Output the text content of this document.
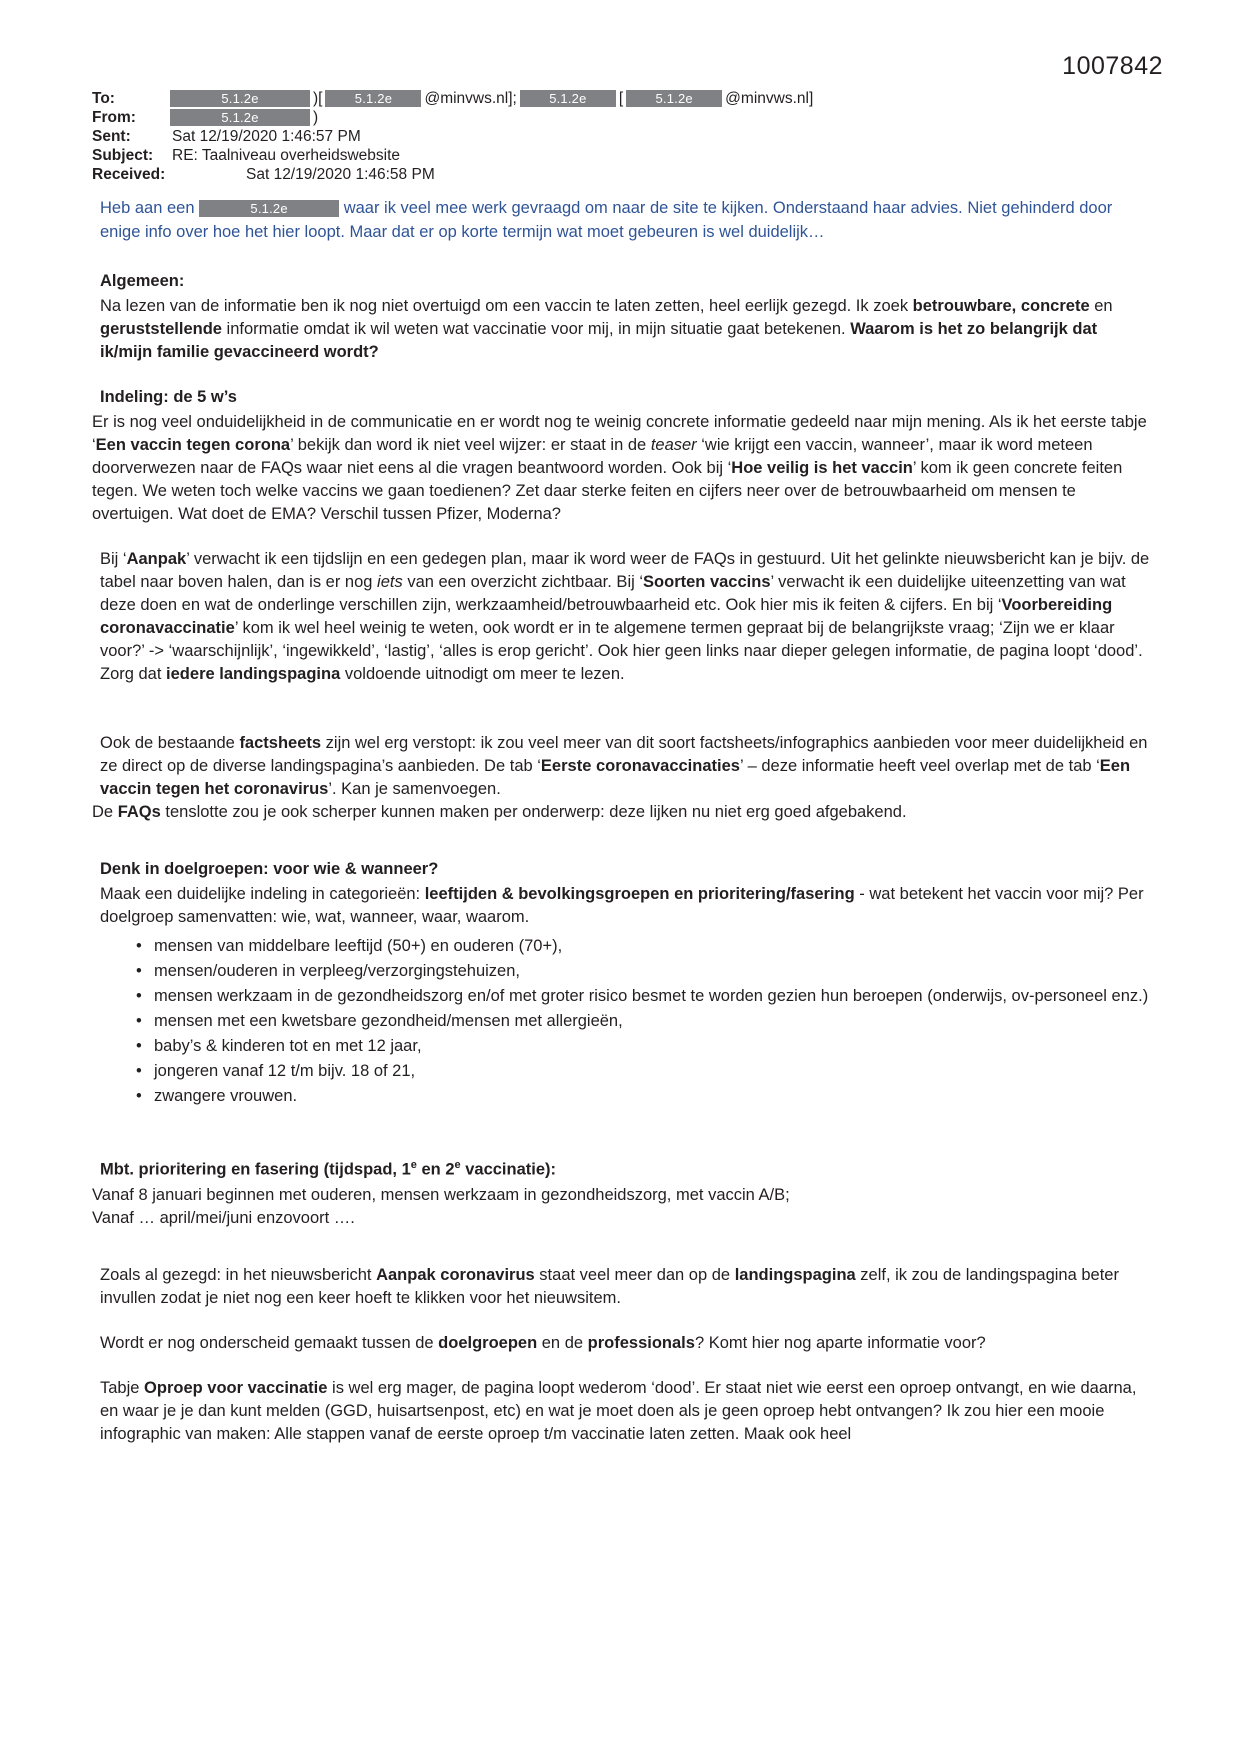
1007842
To:	5.1.2e	)[	5.1.2e	@minvws.nl];	5.1.2e	[	5.1.2e	@minvws.nl]
From:	5.1.2e	)
Sent:	Sat 12/19/2020 1:46:57 PM
Subject:	RE: Taalniveau overheidswebsite
Received:	Sat 12/19/2020 1:46:58 PM

Heb aan een	5.1.2e	waar ik veel mee werk gevraagd om naar de site te kijken. Onderstaand haar advies. Niet gehinderd door enige info over hoe het hier loopt. Maar dat er op korte termijn wat moet gebeuren is wel duidelijk…

Algemeen:

Na lezen van de informatie ben ik nog niet overtuigd om een vaccin te laten zetten, heel eerlijk gezegd. Ik zoek betrouwbare, concrete en geruststellende informatie omdat ik wil weten wat vaccinatie voor mij, in mijn situatie gaat betekenen. Waarom is het zo belangrijk dat ik/mijn familie gevaccineerd wordt?

Indeling: de 5 w’s

Er is nog veel onduidelijkheid in de communicatie en er wordt nog te weinig concrete informatie gedeeld naar mijn mening. Als ik het eerste tabje ‘Een vaccin tegen corona’ bekijk dan word ik niet veel wijzer: er staat in de teaser ‘wie krijgt een vaccin, wanneer’, maar ik word meteen doorverwezen naar de FAQs waar niet eens al die vragen beantwoord worden. Ook bij ‘Hoe veilig is het vaccin’ kom ik geen concrete feiten tegen. We weten toch welke vaccins we gaan toedienen? Zet daar sterke feiten en cijfers neer over de betrouwbaarheid om mensen te overtuigen. Wat doet de EMA? Verschil tussen Pfizer, Moderna?

Bij ‘Aanpak’ verwacht ik een tijdslijn en een gedegen plan, maar ik word weer de FAQs in gestuurd. Uit het gelinkte nieuwsbericht kan je bijv. de tabel naar boven halen, dan is er nog iets van een overzicht zichtbaar. Bij ‘Soorten vaccins’ verwacht ik een duidelijke uiteenzetting van wat deze doen en wat de onderlinge verschillen zijn, werkzaamheid/betrouwbaarheid etc. Ook hier mis ik feiten & cijfers. En bij ‘Voorbereiding coronavaccinatie’ kom ik wel heel weinig te weten, ook wordt er in te algemene termen gepraat bij de belangrijkste vraag; ‘Zijn we er klaar voor?’ -> ‘waarschijnlijk’, ‘ingewikkeld’, ‘lastig’, ‘alles is erop gericht’. Ook hier geen links naar dieper gelegen informatie, de pagina loopt ‘dood’. Zorg dat iedere landingspagina voldoende uitnodigt om meer te lezen.

Ook de bestaande factsheets zijn wel erg verstopt: ik zou veel meer van dit soort factsheets/infographics aanbieden voor meer duidelijkheid en ze direct op de diverse landingspagina’s aanbieden. De tab ‘Eerste coronavaccinaties’ – deze informatie heeft veel overlap met de tab ‘Een vaccin tegen het coronavirus’. Kan je samenvoegen.

De FAQs tenslotte zou je ook scherper kunnen maken per onderwerp: deze lijken nu niet erg goed afgebakend.

Denk in doelgroepen: voor wie & wanneer?

Maak een duidelijke indeling in categorieën: leeftijden & bevolkingsgroepen en prioritering/fasering - wat betekent het vaccin voor mij? Per doelgroep samenvatten: wie, wat, wanneer, waar, waarom.

• mensen van middelbare leeftijd (50+) en ouderen (70+),
• mensen/ouderen in verpleeg/verzorgingstehuizen,
• mensen werkzaam in de gezondheidszorg en/of met groter risico besmet te worden gezien hun beroepen (onderwijs, ov-personeel enz.)
• mensen met een kwetsbare gezondheid/mensen met allergieën,
• baby’s & kinderen tot en met 12 jaar,
• jongeren vanaf 12 t/m bijv. 18 of 21,
• zwangere vrouwen.

Mbt. prioritering en fasering (tijdspad, 1e en 2e vaccinatie):

Vanaf 8 januari beginnen met ouderen, mensen werkzaam in gezondheidszorg, met vaccin A/B;

Vanaf … april/mei/juni enzovoort ….

Zoals al gezegd: in het nieuwsbericht Aanpak coronavirus staat veel meer dan op de landingspagina zelf, ik zou de landingspagina beter invullen zodat je niet nog een keer hoeft te klikken voor het nieuwsitem.

Wordt er nog onderscheid gemaakt tussen de doelgroepen en de professionals? Komt hier nog aparte informatie voor?

Tabje Oproep voor vaccinatie is wel erg mager, de pagina loopt wederom ‘dood’. Er staat niet wie eerst een oproep ontvangt, en wie daarna, en waar je je dan kunt melden (GGD, huisartsenpost, etc) en wat je moet doen als je geen oproep hebt ontvangen? Ik zou hier een mooie infographic van maken: Alle stappen vanaf de eerste oproep t/m vaccinatie laten zetten. Maak ook heel
